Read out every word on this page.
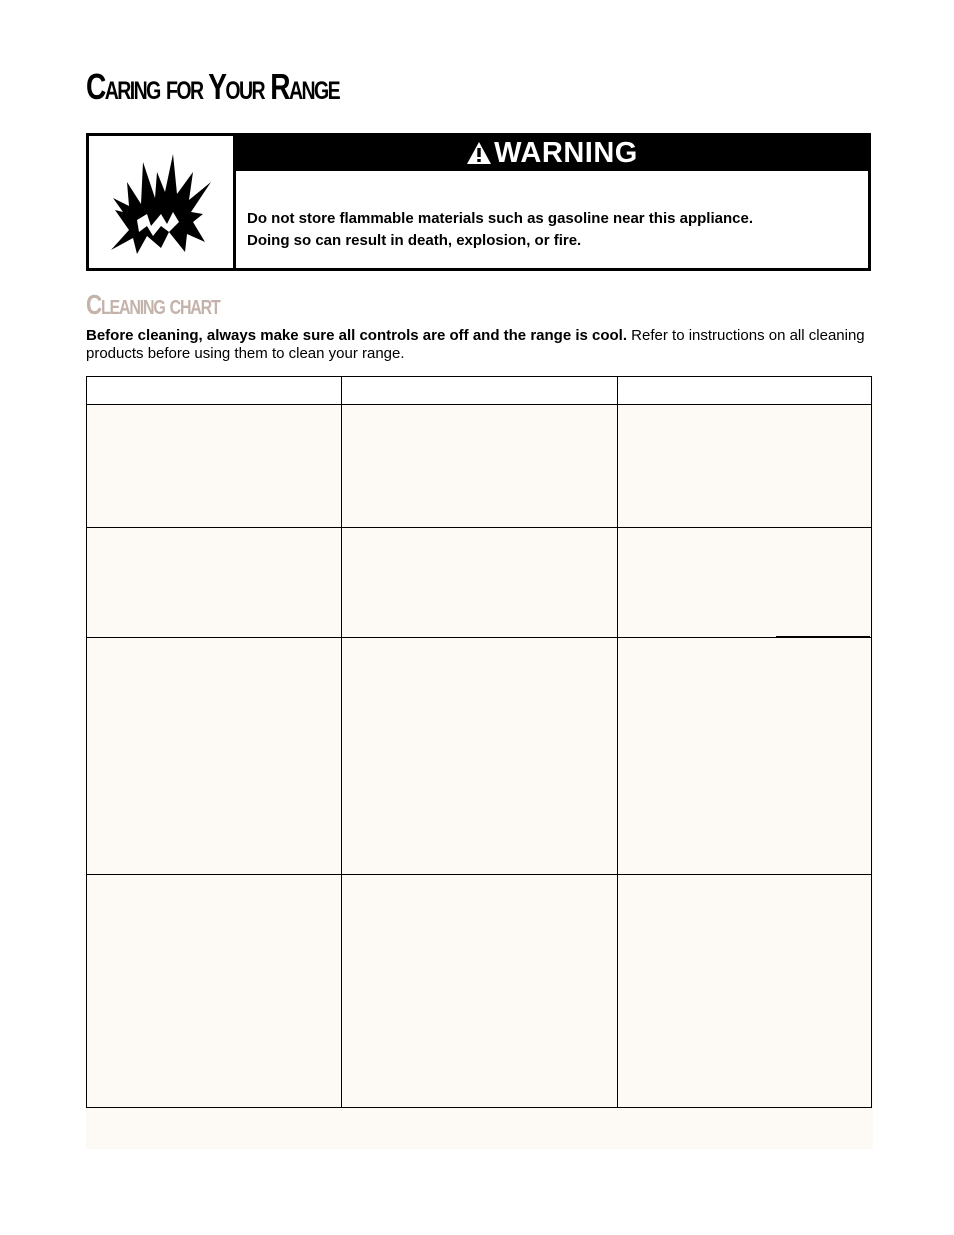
Caring for Your Range
WARNING
Do not store flammable materials such as gasoline near this appliance.
Doing so can result in death, explosion, or fire.
Cleaning chart
Before cleaning, always make sure all controls are off and the range is cool. Refer to instructions on all cleaning products before using them to clean your range.
